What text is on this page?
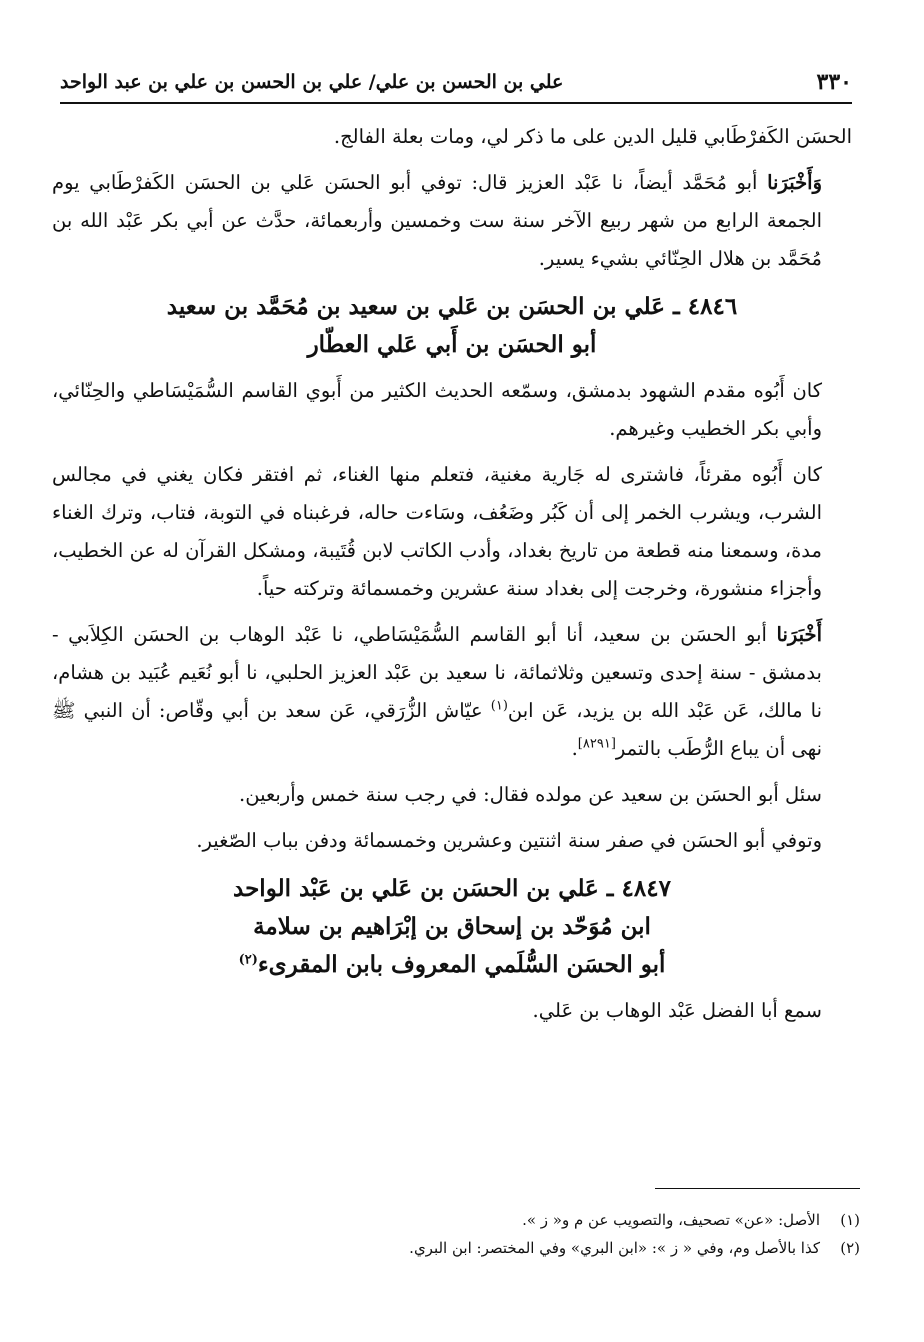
٣٣٠
علي بن الحسن بن علي/ علي بن الحسن بن علي بن عبد الواحد

الحسَن الكَفرْطَابي قليل الدين على ما ذكر لي، ومات بعلة الفالج.

وَأَخْبَرَنا أبو مُحَمَّد أيضاً، نا عَبْد العزيز قال: توفي أبو الحسَن عَلي بن الحسَن الكَفرْطَابي يوم الجمعة الرابع من شهر ربيع الآخر سنة ست وخمسين وأربعمائة، حدَّث عن أبي بكر عَبْد الله بن مُحَمَّد بن هلال الحِنّائي بشيء يسير.

٤٨٤٦ ـ عَلي بن الحسَن بن عَلي بن سعيد بن مُحَمَّد بن سعيد
أبو الحسَن بن أَبي عَلي العطّار

كان أَبُوه مقدم الشهود بدمشق، وسمّعه الحديث الكثير من أَبوي القاسم السُّمَيْسَاطي والحِنّائي، وأبي بكر الخطيب وغيرهم.

كان أَبُوه مقرئاً، فاشترى له جَارية مغنية، فتعلم منها الغناء، ثم افتقر فكان يغني في مجالس الشرب، ويشرب الخمر إلى أن كَبُر وضَعُف، وسَاءت حاله، فرغبناه في التوبة، فتاب، وترك الغناء مدة، وسمعنا منه قطعة من تاريخ بغداد، وأدب الكاتب لابن قُتَيبة، ومشكل القرآن له عن الخطيب، وأجزاء منشورة، وخرجت إلى بغداد سنة عشرين وخمسمائة وتركته حياً.

أَخْبَرَنا أبو الحسَن بن سعيد، أنا أبو القاسم السُّمَيْسَاطي، نا عَبْد الوهاب بن الحسَن الكِلاَبي - بدمشق - سنة إحدى وتسعين وثلاثمائة، نا سعيد بن عَبْد العزيز الحلبي، نا أبو نُعَيم عُبَيد بن هشام، نا مالك، عَن عَبْد الله بن يزيد، عَن ابن$^{(١)}$ عيّاش الزُّرَقي، عَن سعد بن أبي وقّاص: أن النبي ﷺ نهى أن يباع الرُّطَب بالتمر[٨٢٩١].

سئل أبو الحسَن بن سعيد عن مولده فقال: في رجب سنة خمس وأربعين.

وتوفي أبو الحسَن في صفر سنة اثنتين وعشرين وخمسمائة ودفن بباب الصّغير.

٤٨٤٧ ـ عَلي بن الحسَن بن عَلي بن عَبْد الواحد
ابن مُوَحّد بن إسحاق بن إبْرَاهيم بن سلامة
أبو الحسَن السُّلَمي المعروف بابن المقرىء$^{(٢)}$

سمع أبا الفضل عَبْد الوهاب بن عَلي.

(١)
الأصل: «عن» تصحيف، والتصويب عن م و« ز ».
(٢)
كذا بالأصل وم، وفي « ز »: «ابن البري» وفي المختصر: ابن البري.
